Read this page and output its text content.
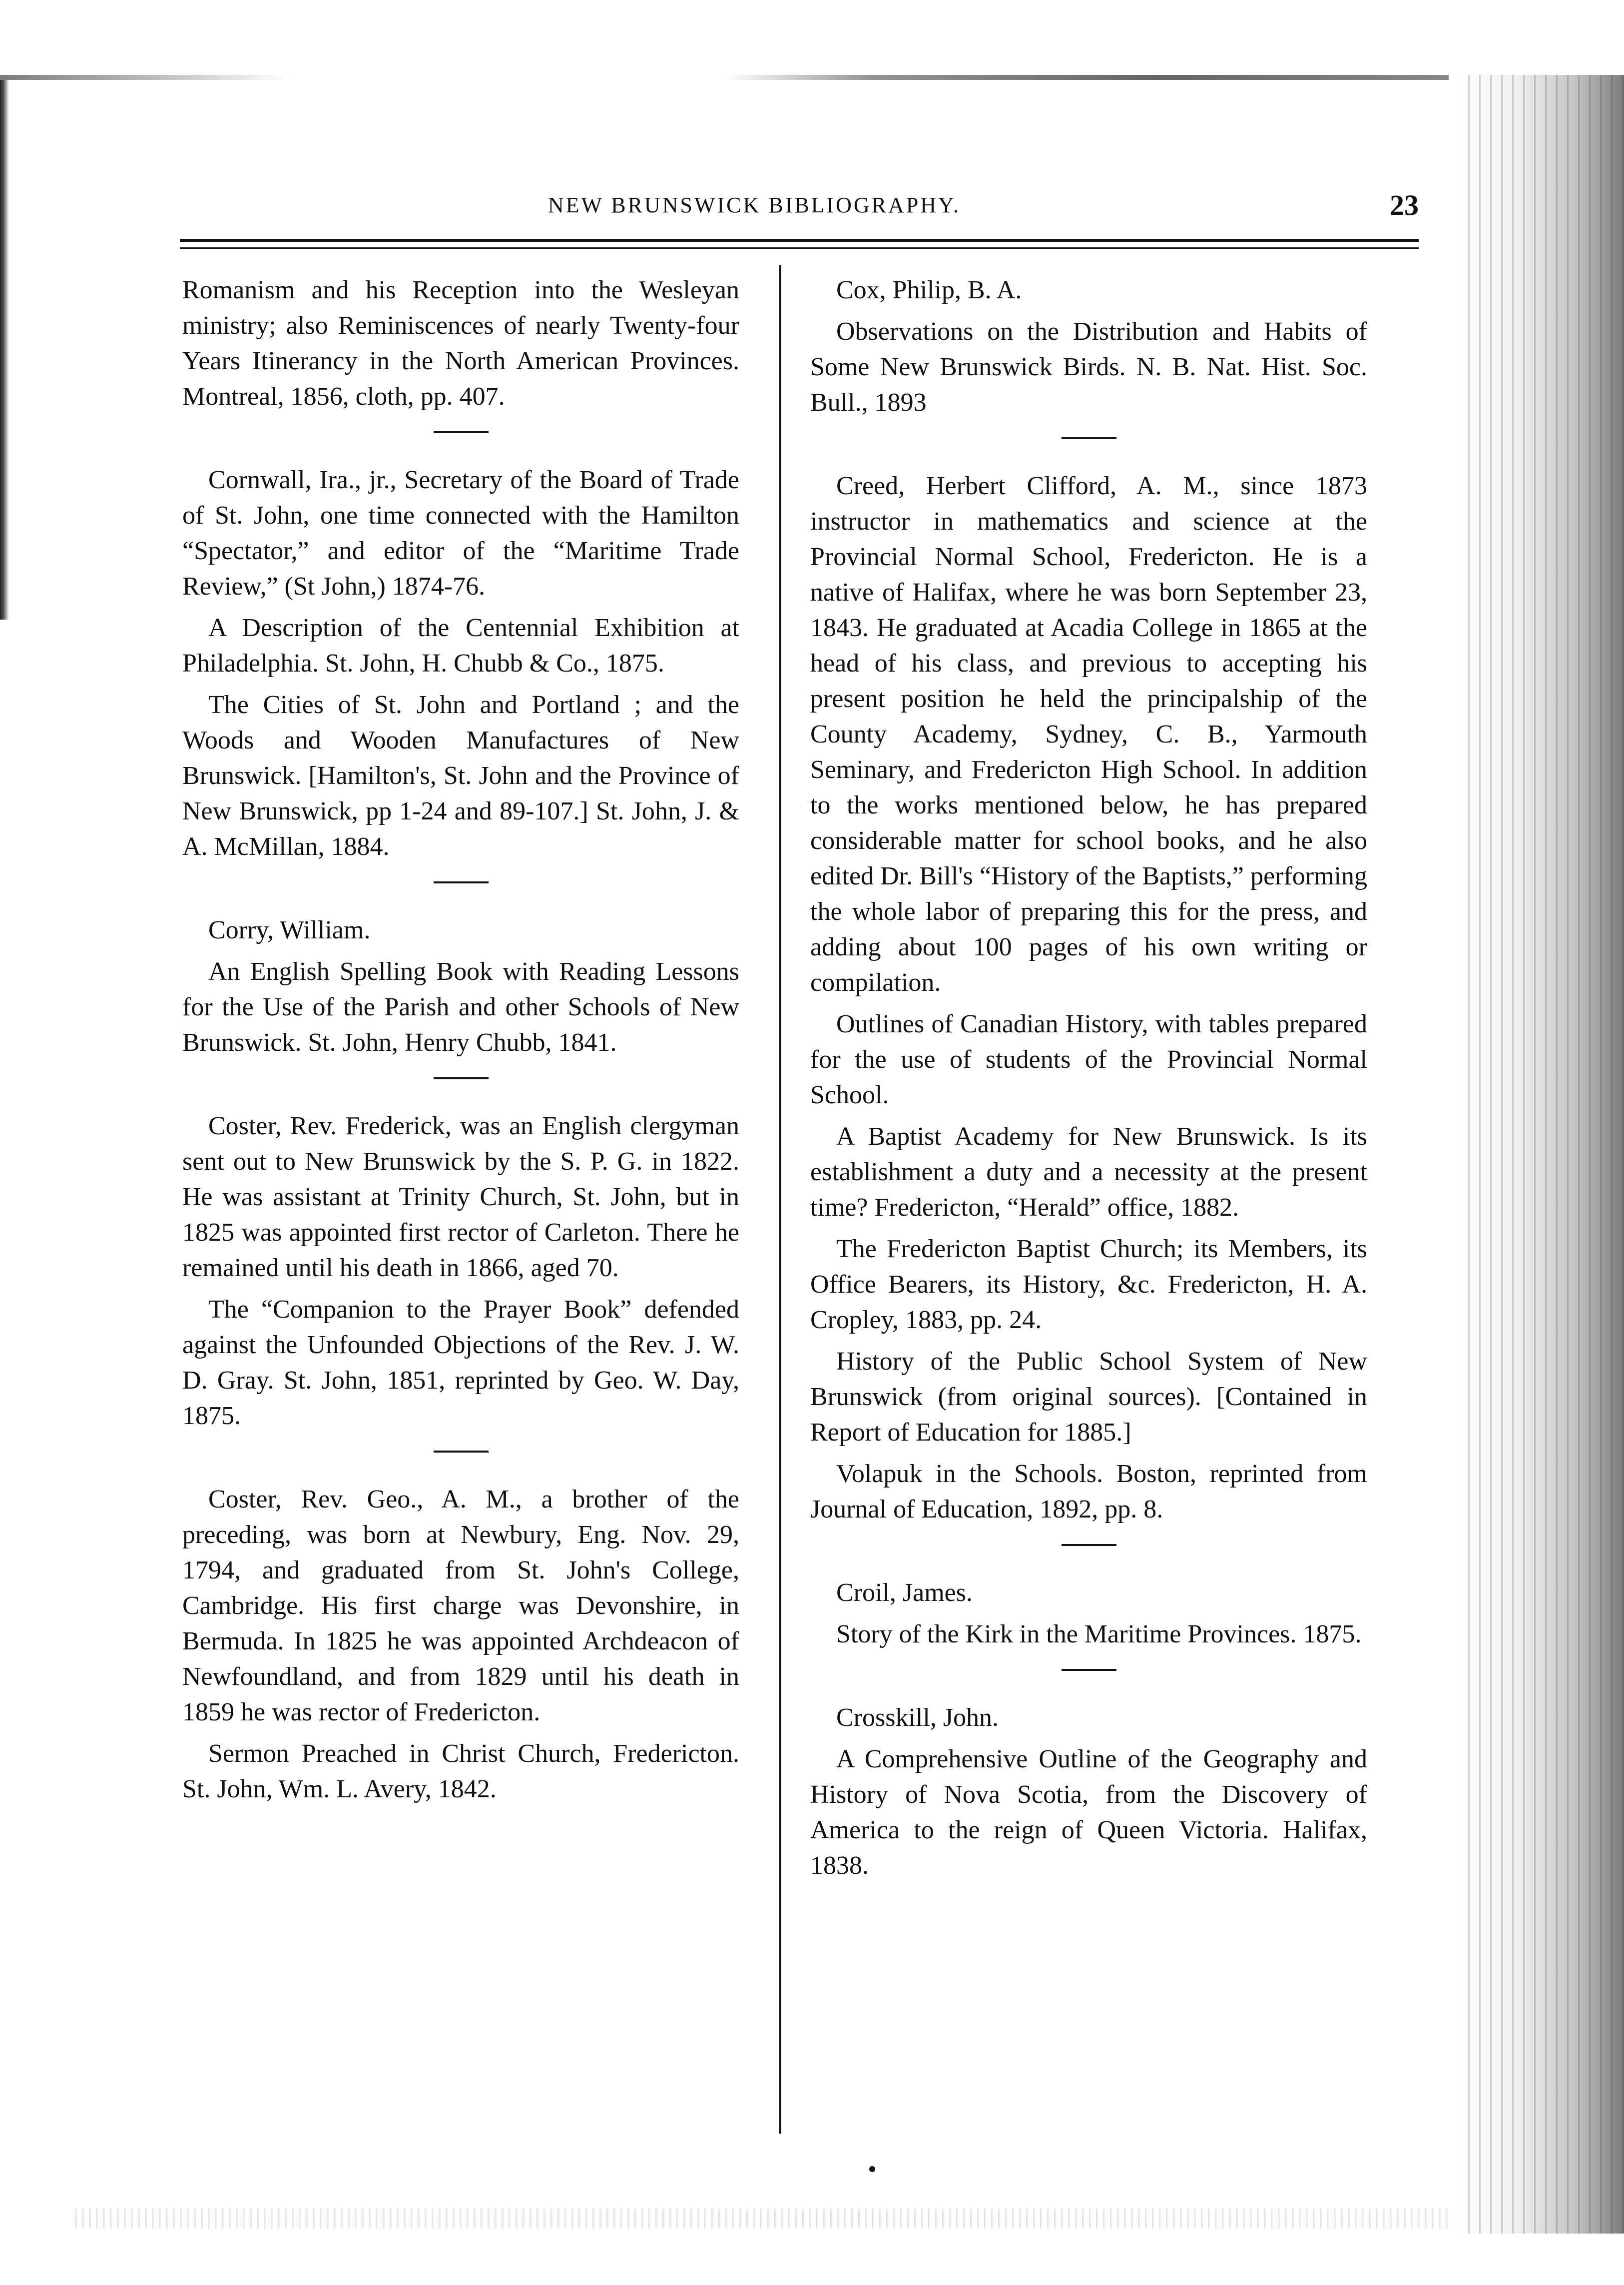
NEW BRUNSWICK BIBLIOGRAPHY.	23

Romanism and his Reception into the Wesleyan ministry; also Reminiscences of nearly Twenty-four Years Itinerancy in the North American Provinces. Montreal, 1856, cloth, pp. 407.

Cornwall, Ira., jr., Secretary of the Board of Trade of St. John, one time connected with the Hamilton “Spectator,” and editor of the “Maritime Trade Review,” (St John,) 1874-76.

A Description of the Centennial Exhibition at Philadelphia. St. John, H. Chubb & Co., 1875.

The Cities of St. John and Portland ; and the Woods and Wooden Manufactures of New Brunswick. [Hamilton's, St. John and the Province of New Brunswick, pp 1-24 and 89-107.] St. John, J. & A. McMillan, 1884.

Corry, William.

An English Spelling Book with Reading Lessons for the Use of the Parish and other Schools of New Brunswick. St. John, Henry Chubb, 1841.

Coster, Rev. Frederick, was an English clergyman sent out to New Brunswick by the S. P. G. in 1822. He was assistant at Trinity Church, St. John, but in 1825 was appointed first rector of Carleton. There he remained until his death in 1866, aged 70.

The “Companion to the Prayer Book” defended against the Unfounded Objections of the Rev. J. W. D. Gray. St. John, 1851, reprinted by Geo. W. Day, 1875.

Coster, Rev. Geo., A. M., a brother of the preceding, was born at Newbury, Eng. Nov. 29, 1794, and graduated from St. John's College, Cambridge. His first charge was Devonshire, in Bermuda. In 1825 he was appointed Archdeacon of Newfoundland, and from 1829 until his death in 1859 he was rector of Fredericton.

Sermon Preached in Christ Church, Fredericton. St. John, Wm. L. Avery, 1842.

Cox, Philip, B. A.

Observations on the Distribution and Habits of Some New Brunswick Birds. N. B. Nat. Hist. Soc. Bull., 1893

Creed, Herbert Clifford, A. M., since 1873 instructor in mathematics and science at the Provincial Normal School, Fredericton. He is a native of Halifax, where he was born September 23, 1843. He graduated at Acadia College in 1865 at the head of his class, and previous to accepting his present position he held the principalship of the County Academy, Sydney, C. B., Yarmouth Seminary, and Fredericton High School. In addition to the works mentioned below, he has prepared considerable matter for school books, and he also edited Dr. Bill's “History of the Baptists,” performing the whole labor of preparing this for the press, and adding about 100 pages of his own writing or compilation.

Outlines of Canadian History, with tables prepared for the use of students of the Provincial Normal School.

A Baptist Academy for New Brunswick. Is its establishment a duty and a necessity at the present time? Fredericton, “Herald” office, 1882.

The Fredericton Baptist Church; its Members, its Office Bearers, its History, &c. Fredericton, H. A. Cropley, 1883, pp. 24.

History of the Public School System of New Brunswick (from original sources). [Contained in Report of Education for 1885.]

Volapuk in the Schools. Boston, reprinted from Journal of Education, 1892, pp. 8.

Croil, James.

Story of the Kirk in the Maritime Provinces. 1875.

Crosskill, John.

A Comprehensive Outline of the Geography and History of Nova Scotia, from the Discovery of America to the reign of Queen Victoria. Halifax, 1838.
